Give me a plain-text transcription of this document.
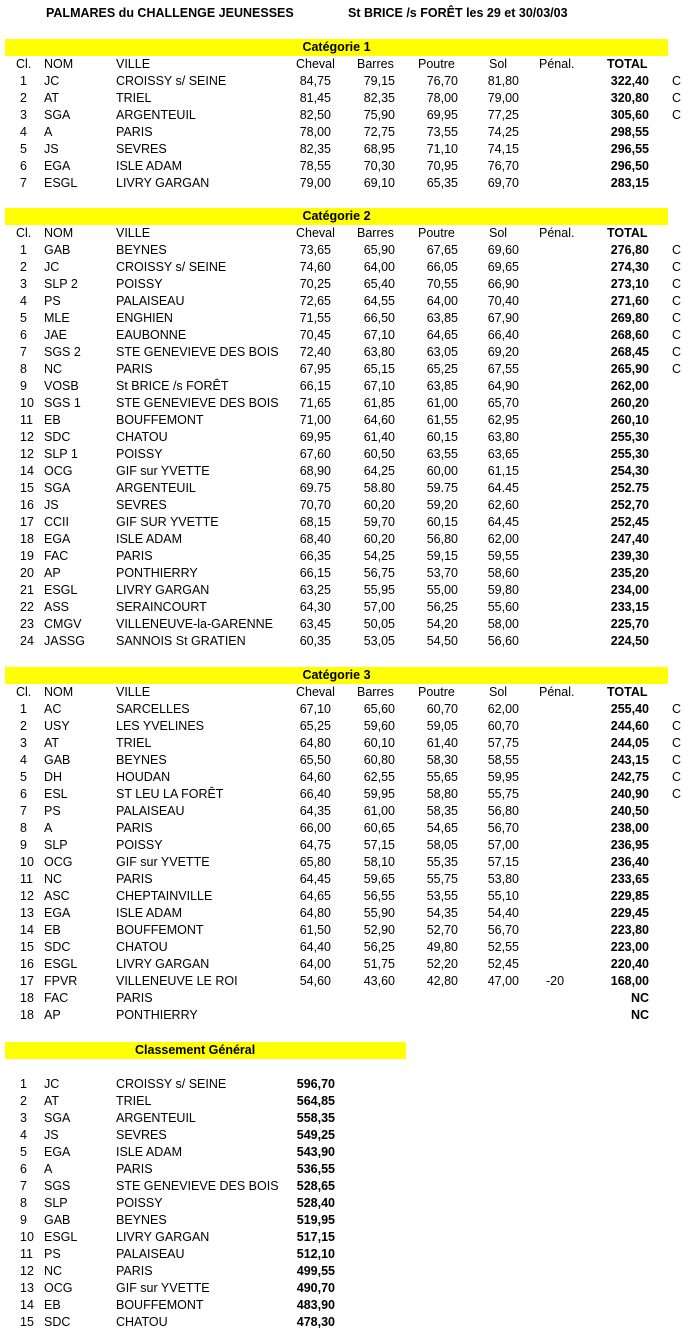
PALMARES du CHALLENGE JEUNESSES	St BRICE /s FORÊT les 29 et 30/03/03
Catégorie 1
Cl. NOM	VILLE	Cheval Barres Poutre	Sol	Pénal.	TOTAL
1 JC	CROISSY s/ SEINE	84,75	79,15	76,70	81,80	322,40 C
2 AT	TRIEL	81,45	82,35	78,00	79,00	320,80 C
3 SGA	ARGENTEUIL	82,50	75,90	69,95	77,25	305,60 C
4 A	PARIS	78,00	72,75	73,55	74,25	298,55
5 JS	SEVRES	82,35	68,95	71,10	74,15	296,55
6 EGA	ISLE ADAM	78,55	70,30	70,95	76,70	296,50
7 ESGL	LIVRY GARGAN	79,00	69,10	65,35	69,70	283,15
Catégorie 2
Cl. NOM	VILLE	Cheval Barres Poutre	Sol	Pénal.	TOTAL
1 GAB	BEYNES	73,65	65,90	67,65	69,60	276,80 C
2 JC	CROISSY s/ SEINE	74,60	64,00	66,05	69,65	274,30 C
3 SLP 2	POISSY	70,25	65,40	70,55	66,90	273,10 C
4 PS	PALAISEAU	72,65	64,55	64,00	70,40	271,60 C
5 MLE	ENGHIEN	71,55	66,50	63,85	67,90	269,80 C
6 JAE	EAUBONNE	70,45	67,10	64,65	66,40	268,60 C
7 SGS 2	STE GENEVIEVE DES BOIS	72,40	63,80	63,05	69,20	268,45 C
8 NC	PARIS	67,95	65,15	65,25	67,55	265,90 C
9 VOSB	St BRICE /s FORÊT	66,15	67,10	63,85	64,90	262,00
10 SGS 1	STE GENEVIEVE DES BOIS	71,65	61,85	61,00	65,70	260,20
11 EB	BOUFFEMONT	71,00	64,60	61,55	62,95	260,10
12 SDC	CHATOU	69,95	61,40	60,15	63,80	255,30
12 SLP 1	POISSY	67,60	60,50	63,55	63,65	255,30
14 OCG	GIF sur YVETTE	68,90	64,25	60,00	61,15	254,30
15 SGA	ARGENTEUIL	69.75	58.80	59.75	64.45	252.75
16 JS	SEVRES	70,70	60,20	59,20	62,60	252,70
17 CCII	GIF SUR YVETTE	68,15	59,70	60,15	64,45	252,45
18 EGA	ISLE ADAM	68,40	60,20	56,80	62,00	247,40
19 FAC	PARIS	66,35	54,25	59,15	59,55	239,30
20 AP	PONTHIERRY	66,15	56,75	53,70	58,60	235,20
21 ESGL	LIVRY GARGAN	63,25	55,95	55,00	59,80	234,00
22 ASS	SERAINCOURT	64,30	57,00	56,25	55,60	233,15
23 CMGV	VILLENEUVE-la-GARENNE	63,45	50,05	54,20	58,00	225,70
24 JASSG SANNOIS St GRATIEN	60,35	53,05	54,50	56,60	224,50
Catégorie 3
Cl. NOM	VILLE	Cheval Barres Poutre	Sol	Pénal.	TOTAL
1 AC	SARCELLES	67,10	65,60	60,70	62,00	255,40 C
2 USY	LES YVELINES	65,25	59,60	59,05	60,70	244,60 C
3 AT	TRIEL	64,80	60,10	61,40	57,75	244,05 C
4 GAB	BEYNES	65,50	60,80	58,30	58,55	243,15 C
5 DH	HOUDAN	64,60	62,55	55,65	59,95	242,75 C
6 ESL	ST LEU LA FORÊT	66,40	59,95	58,80	55,75	240,90 C
7 PS	PALAISEAU	64,35	61,00	58,35	56,80	240,50
8 A	PARIS	66,00	60,65	54,65	56,70	238,00
9 SLP	POISSY	64,75	57,15	58,05	57,00	236,95
10 OCG	GIF sur YVETTE	65,80	58,10	55,35	57,15	236,40
11 NC	PARIS	64,45	59,65	55,75	53,80	233,65
12 ASC	CHEPTAINVILLE	64,65	56,55	53,55	55,10	229,85
13 EGA	ISLE ADAM	64,80	55,90	54,35	54,40	229,45
14 EB	BOUFFEMONT	61,50	52,90	52,70	56,70	223,80
15 SDC	CHATOU	64,40	56,25	49,80	52,55	223,00
16 ESGL	LIVRY GARGAN	64,00	51,75	52,20	52,45	220,40
17 FPVR	VILLENEUVE LE ROI	54,60	43,60	42,80	47,00	-20	168,00
18 FAC	PARIS	NC
18 AP	PONTHIERRY	NC
Classement Général
1 JC	CROISSY s/ SEINE	596,70
2 AT	TRIEL	564,85
3 SGA	ARGENTEUIL	558,35
4 JS	SEVRES	549,25
5 EGA	ISLE ADAM	543,90
6 A	PARIS	536,55
7 SGS	STE GENEVIEVE DES BOIS	528,65
8 SLP	POISSY	528,40
9 GAB	BEYNES	519,95
10 ESGL	LIVRY GARGAN	517,15
11 PS	PALAISEAU	512,10
12 NC	PARIS	499,55
13 OCG	GIF sur YVETTE	490,70
14 EB	BOUFFEMONT	483,90
15 SDC	CHATOU	478,30
